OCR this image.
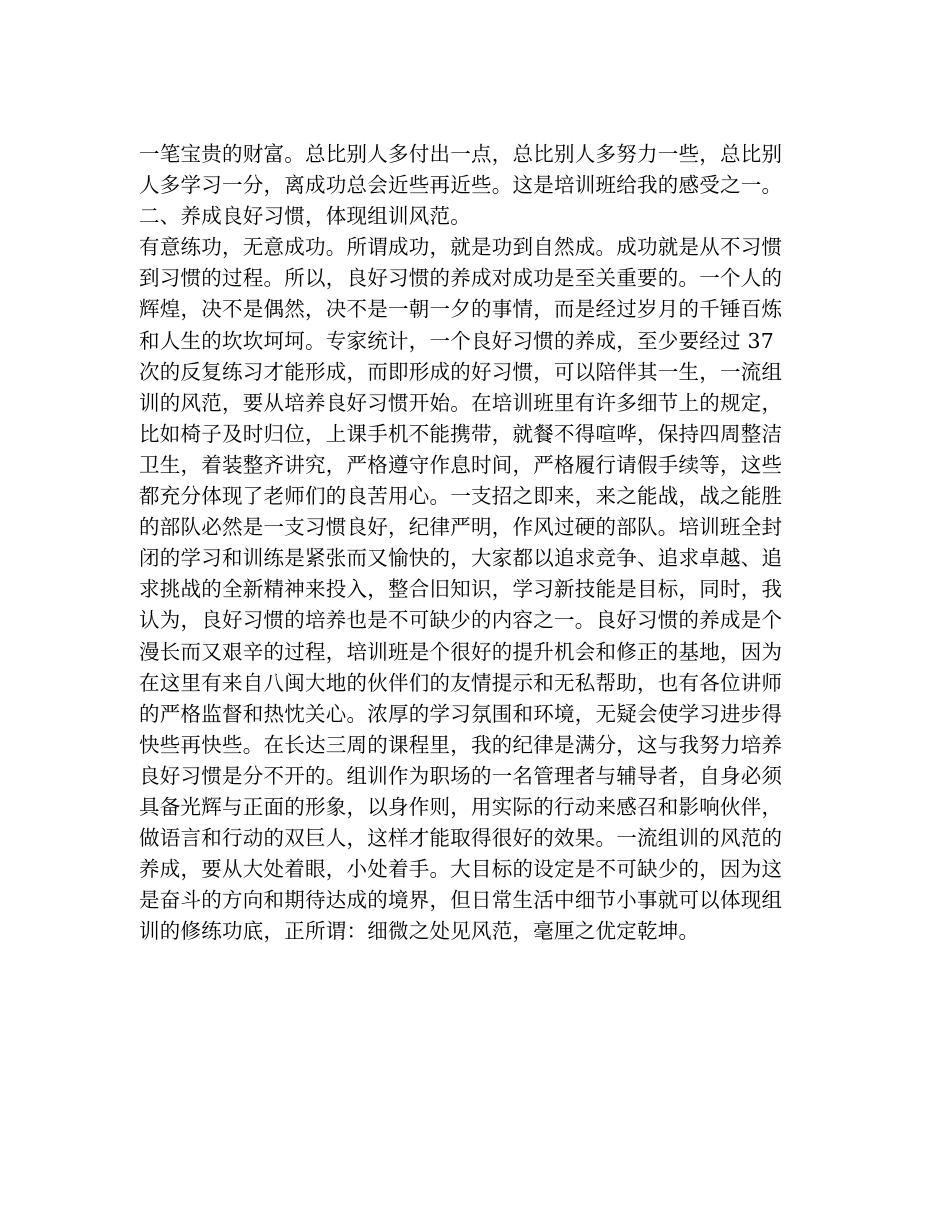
一笔宝贵的财富。总比别人多付出一点，总比别人多努力一些，总比别
人多学习一分，离成功总会近些再近些。这是培训班给我的感受之一。
二、养成良好习惯，体现组训风范。
有意练功，无意成功。所谓成功，就是功到自然成。成功就是从不习惯
到习惯的过程。所以，良好习惯的养成对成功是至关重要的。一个人的
辉煌，决不是偶然，决不是一朝一夕的事情，而是经过岁月的千锤百炼
和人生的坎坎坷坷。专家统计，一个良好习惯的养成，至少要经过 37
次的反复练习才能形成，而即形成的好习惯，可以陪伴其一生，一流组
训的风范，要从培养良好习惯开始。在培训班里有许多细节上的规定，
比如椅子及时归位，上课手机不能携带，就餐不得喧哗，保持四周整洁
卫生，着装整齐讲究，严格遵守作息时间，严格履行请假手续等，这些
都充分体现了老师们的良苦用心。一支招之即来，来之能战，战之能胜
的部队必然是一支习惯良好，纪律严明，作风过硬的部队。培训班全封
闭的学习和训练是紧张而又愉快的，大家都以追求竞争、追求卓越、追
求挑战的全新精神来投入，整合旧知识，学习新技能是目标，同时，我
认为，良好习惯的培养也是不可缺少的内容之一。良好习惯的养成是个
漫长而又艰辛的过程，培训班是个很好的提升机会和修正的基地，因为
在这里有来自八闽大地的伙伴们的友情提示和无私帮助，也有各位讲师
的严格监督和热忱关心。浓厚的学习氛围和环境，无疑会使学习进步得
快些再快些。在长达三周的课程里，我的纪律是满分，这与我努力培养
良好习惯是分不开的。组训作为职场的一名管理者与辅导者，自身必须
具备光辉与正面的形象，以身作则，用实际的行动来感召和影响伙伴，
做语言和行动的双巨人，这样才能取得很好的效果。一流组训的风范的
养成，要从大处着眼，小处着手。大目标的设定是不可缺少的，因为这
是奋斗的方向和期待达成的境界，但日常生活中细节小事就可以体现组
训的修练功底，正所谓：细微之处见风范，毫厘之优定乾坤。
